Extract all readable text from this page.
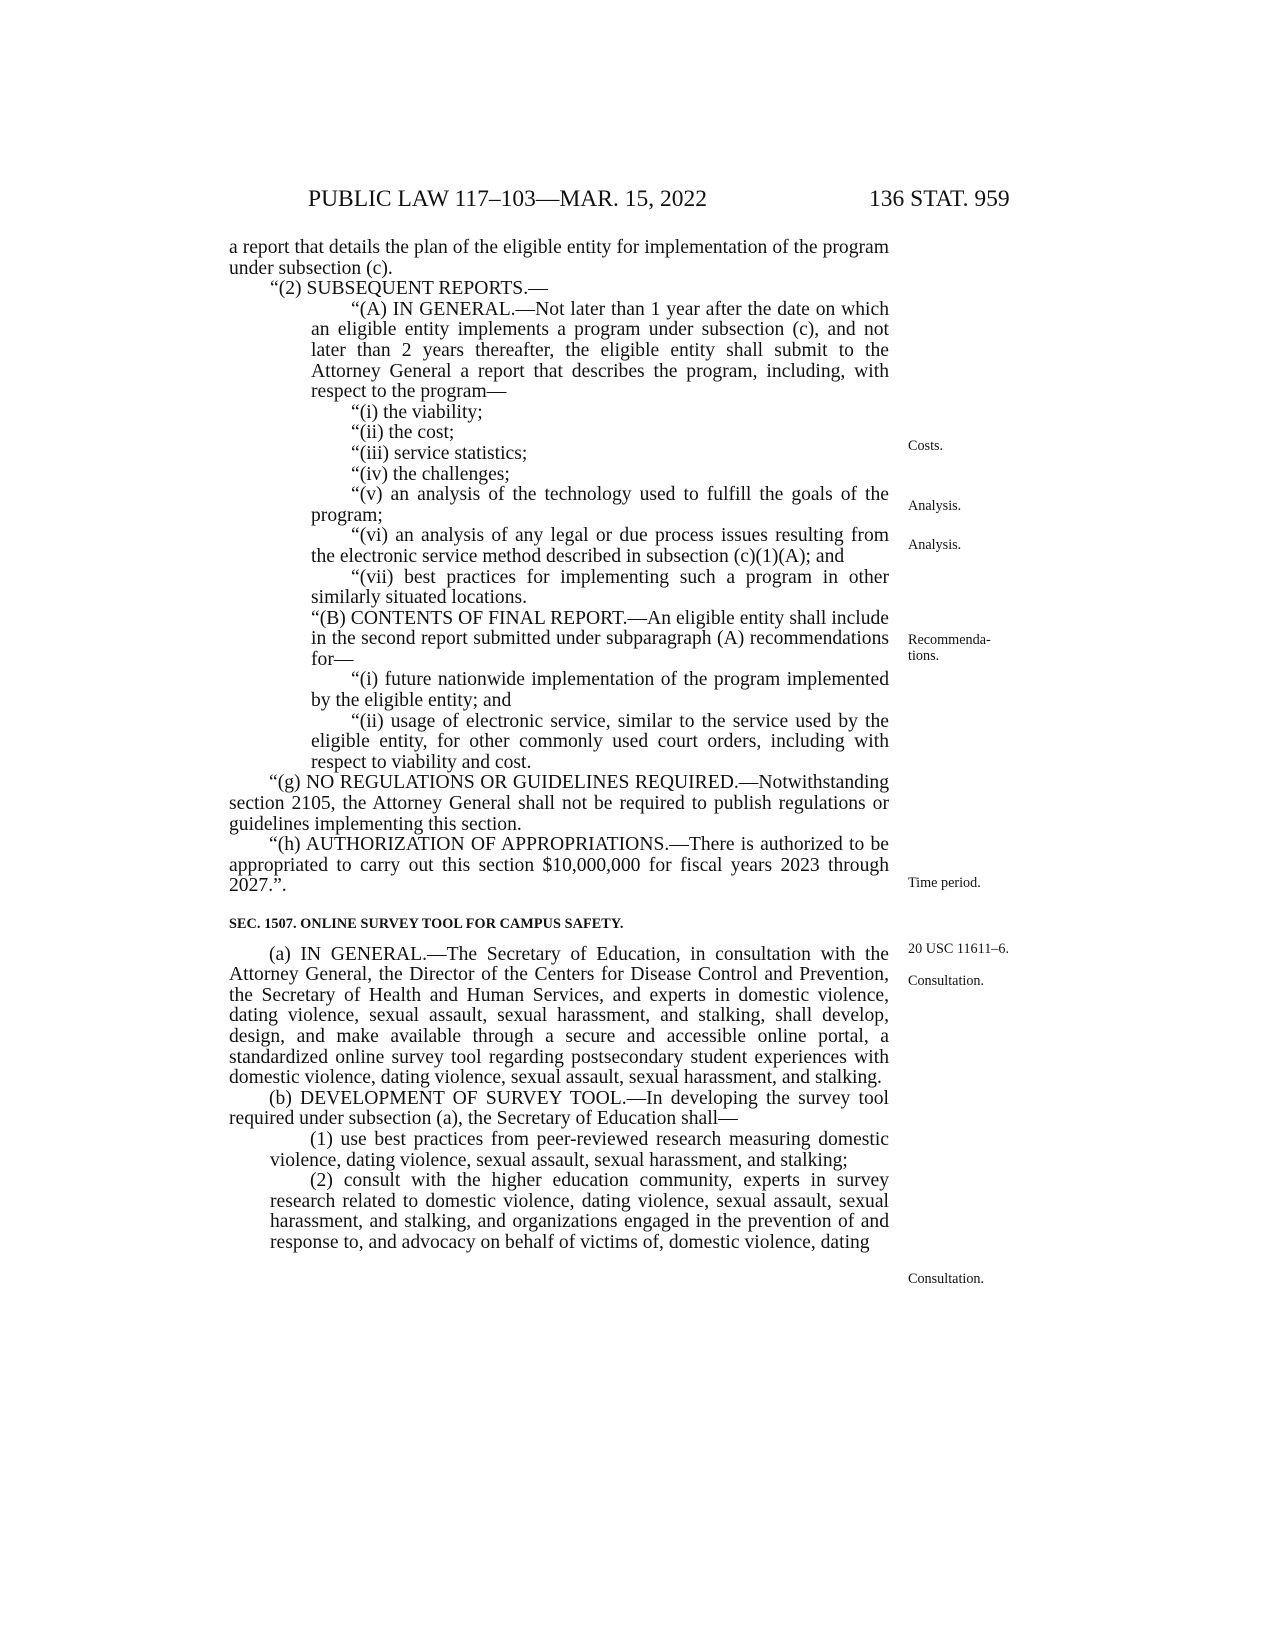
PUBLIC LAW 117–103—MAR. 15, 2022	136 STAT. 959

a report that details the plan of the eligible entity for implementation of the program under subsection (c).

“(2) SUBSEQUENT REPORTS.—

“(A) IN GENERAL.—Not later than 1 year after the date on which an eligible entity implements a program under subsection (c), and not later than 2 years thereafter, the eligible entity shall submit to the Attorney General a report that describes the program, including, with respect to the program—

“(i) the viability;

“(ii) the cost;

“(iii) service statistics;

“(iv) the challenges;

“(v) an analysis of the technology used to fulfill the goals of the program;

“(vi) an analysis of any legal or due process issues resulting from the electronic service method described in subsection (c)(1)(A); and

“(vii) best practices for implementing such a program in other similarly situated locations.

“(B) CONTENTS OF FINAL REPORT.—An eligible entity shall include in the second report submitted under subparagraph (A) recommendations for—

“(i) future nationwide implementation of the program implemented by the eligible entity; and

“(ii) usage of electronic service, similar to the service used by the eligible entity, for other commonly used court orders, including with respect to viability and cost.

“(g) NO REGULATIONS OR GUIDELINES REQUIRED.—Notwithstanding section 2105, the Attorney General shall not be required to publish regulations or guidelines implementing this section.

“(h) AUTHORIZATION OF APPROPRIATIONS.—There is authorized to be appropriated to carry out this section $10,000,000 for fiscal years 2023 through 2027.”.

SEC. 1507. ONLINE SURVEY TOOL FOR CAMPUS SAFETY.

(a) IN GENERAL.—The Secretary of Education, in consultation with the Attorney General, the Director of the Centers for Disease Control and Prevention, the Secretary of Health and Human Services, and experts in domestic violence, dating violence, sexual assault, sexual harassment, and stalking, shall develop, design, and make available through a secure and accessible online portal, a standardized online survey tool regarding postsecondary student experiences with domestic violence, dating violence, sexual assault, sexual harassment, and stalking.

(b) DEVELOPMENT OF SURVEY TOOL.—In developing the survey tool required under subsection (a), the Secretary of Education shall—

(1) use best practices from peer-reviewed research measuring domestic violence, dating violence, sexual assault, sexual harassment, and stalking;

(2) consult with the higher education community, experts in survey research related to domestic violence, dating violence, sexual assault, sexual harassment, and stalking, and organizations engaged in the prevention of and response to, and advocacy on behalf of victims of, domestic violence, dating

Costs.
Analysis.
Analysis.
Recommenda-
tions.
Time period.
20 USC 11611–6.
Consultation.
Consultation.
